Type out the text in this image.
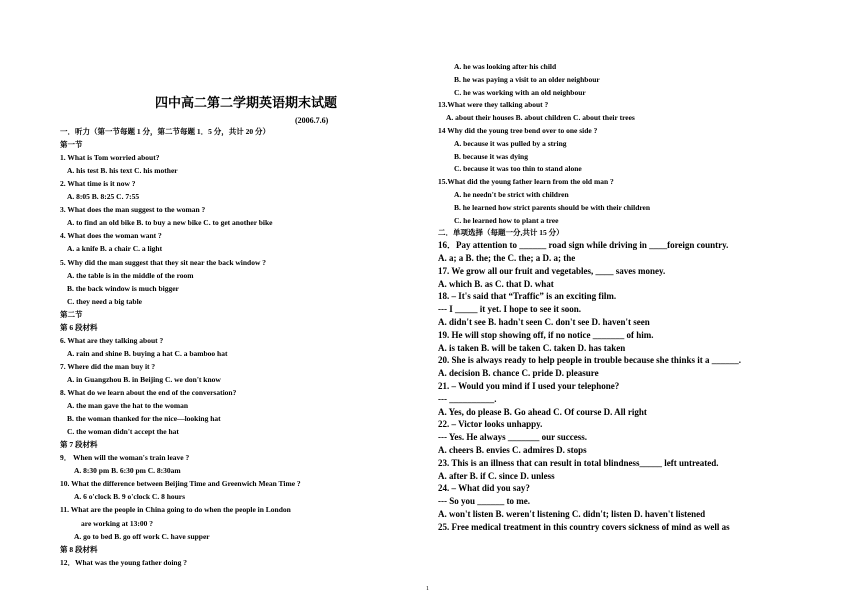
四中高二第二学期英语期末试题
(2006.7.6)
一．听力（第一节每题 1 分，第二节每题 1．5 分，共计 20 分）
第一节
1. What is Tom worried about?
A. his test B. his text C. his mother
2. What time is it now ?
A. 8:05 B. 8:25 C. 7:55
3. What does the man suggest to the woman ?
A. to find an old bike B. to buy a new bike C. to get another bike
4. What does the woman want ?
A. a knife B. a chair C. a light
5. Why did the man suggest that they sit near the back window ?
A. the table is in the middle of the room
B. the back window is much bigger
C. they need a big table
第二节
第 6 段材料
6. What are they talking about ?
A. rain and shine B. buying a hat C. a bamboo hat
7. Where did the man buy it ?
A. in Guangzhou B. in Beijing C. we don't know
8. What do we learn about the end of the conversation?
A. the man gave the hat to the woman
B. the woman thanked for the nice—looking hat
C. the woman didn't accept the hat
第 7 段材料
9． When will the woman's train leave ?
A. 8:30 pm B. 6:30 pm C. 8:30am
10. What the difference between Beijing Time and Greenwich Mean Time ?
A. 6 o'clock B. 9 o'clock C. 8 hours
11. What are the people in China going to do when the people in London
are working at 13:00 ?
A. go to bed B. go off work C. have supper
第 8 段材料
12．What was the young father doing ?
A. he was looking after his child
B. he was paying a visit to an older neighbour
C. he was working with an old neighbour
13.What were they talking about ?
A. about their houses B. about children C. about their trees
14 Why did the young tree bend over to one side ?
A. because it was pulled by a string
B. because it was dying
C. because it was too thin to stand alone
15.What did the young father learn from the old man ?
A. he needn't be strict with children
B. he learned how strict parents should be with their children
C. he learned how to plant a tree
二．单项选择（每题一分,共计 15 分）
16．Pay attention to ______ road sign while driving in ____foreign country.
A. a; a B. the; the C. the; a D. a; the
17. We grow all our fruit and vegetables, ____ saves money.
A. which B. as C. that D. what
18. – It's said that “Traffic” is an exciting film.
--- I _____ it yet. I hope to see it soon.
A. didn't see B. hadn't seen C. don't see D. haven't seen
19. He will stop showing off, if no notice _______ of him.
A. is taken B. will be taken C. taken D. has taken
20. She is always ready to help people in trouble because she thinks it a ______.
A. decision B. chance C. pride D. pleasure
21. – Would you mind if I used your telephone?
--- __________.
A. Yes, do please B. Go ahead C. Of course D. All right
22. – Victor looks unhappy.
--- Yes. He always _______ our success.
A. cheers B. envies C. admires D. stops
23. This is an illness that can result in total blindness_____ left untreated.
A. after B. if C. since D. unless
24. – What did you say?
--- So you ______ to me.
A. won't listen B. weren't listening C. didn't; listen D. haven't listened
25. Free medical treatment in this country covers sickness of mind as well as
1
